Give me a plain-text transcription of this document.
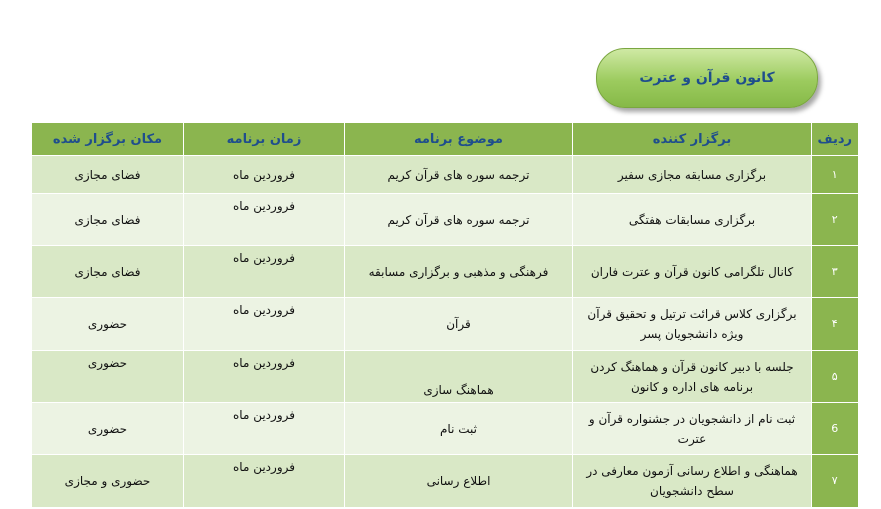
کانون قرآن و عترت
ردیف	برگزار کننده	موضوع برنامه	زمان برنامه	مکان برگزار شده
۱	برگزاری مسابقه مجازی سفیر	ترجمه سوره های قرآن کریم	فروردین ماه	فضای مجازی
۲	برگزاری مسابقات هفتگی	ترجمه سوره های قرآن کریم	فروردین ماه	فضای مجازی
۳	کانال تلگرامی کانون قرآن و عترت فاران	فرهنگی و مذهبی و برگزاری مسابقه	فروردین ماه	فضای مجازی
۴	برگزاری کلاس قرائت ترتیل و تحقیق قرآن ویژه دانشجویان پسر	قرآن	فروردین ماه	حضوری
۵	جلسه با دبیر کانون قرآن و هماهنگ کردن برنامه های اداره و کانون	هماهنگ سازی	فروردین ماه	حضوری
6	ثبت نام از دانشجویان در جشنواره قرآن و عترت	ثبت نام	فروردین ماه	حضوری
۷	هماهنگی و اطلاع رسانی آزمون معارفی در سطح دانشجویان	اطلاع رسانی	فروردین ماه	حضوری و مجازی
